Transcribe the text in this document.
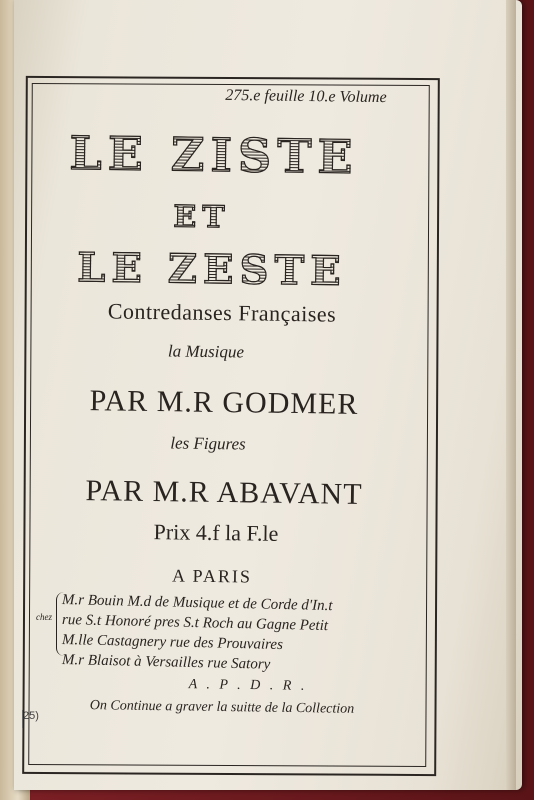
275.e feuille 10.e Volume
LE ZISTE
ET
LE ZESTE
Contredanses Françaises
la Musique
PAR M.R GODMER
les Figures
PAR M.R ABAVANT
Prix 4.f la F.le
A PARIS
chez
M.r Bouin M.d de Musique et de Corde d'In.t
rue S.t Honoré pres S.t Roch au Gagne Petit
M.lle Castagnery rue des Prouvaires
M.r Blaisot à Versailles rue Satory
A . P . D . R .
On Continue a graver la suitte de la Collection
25)
